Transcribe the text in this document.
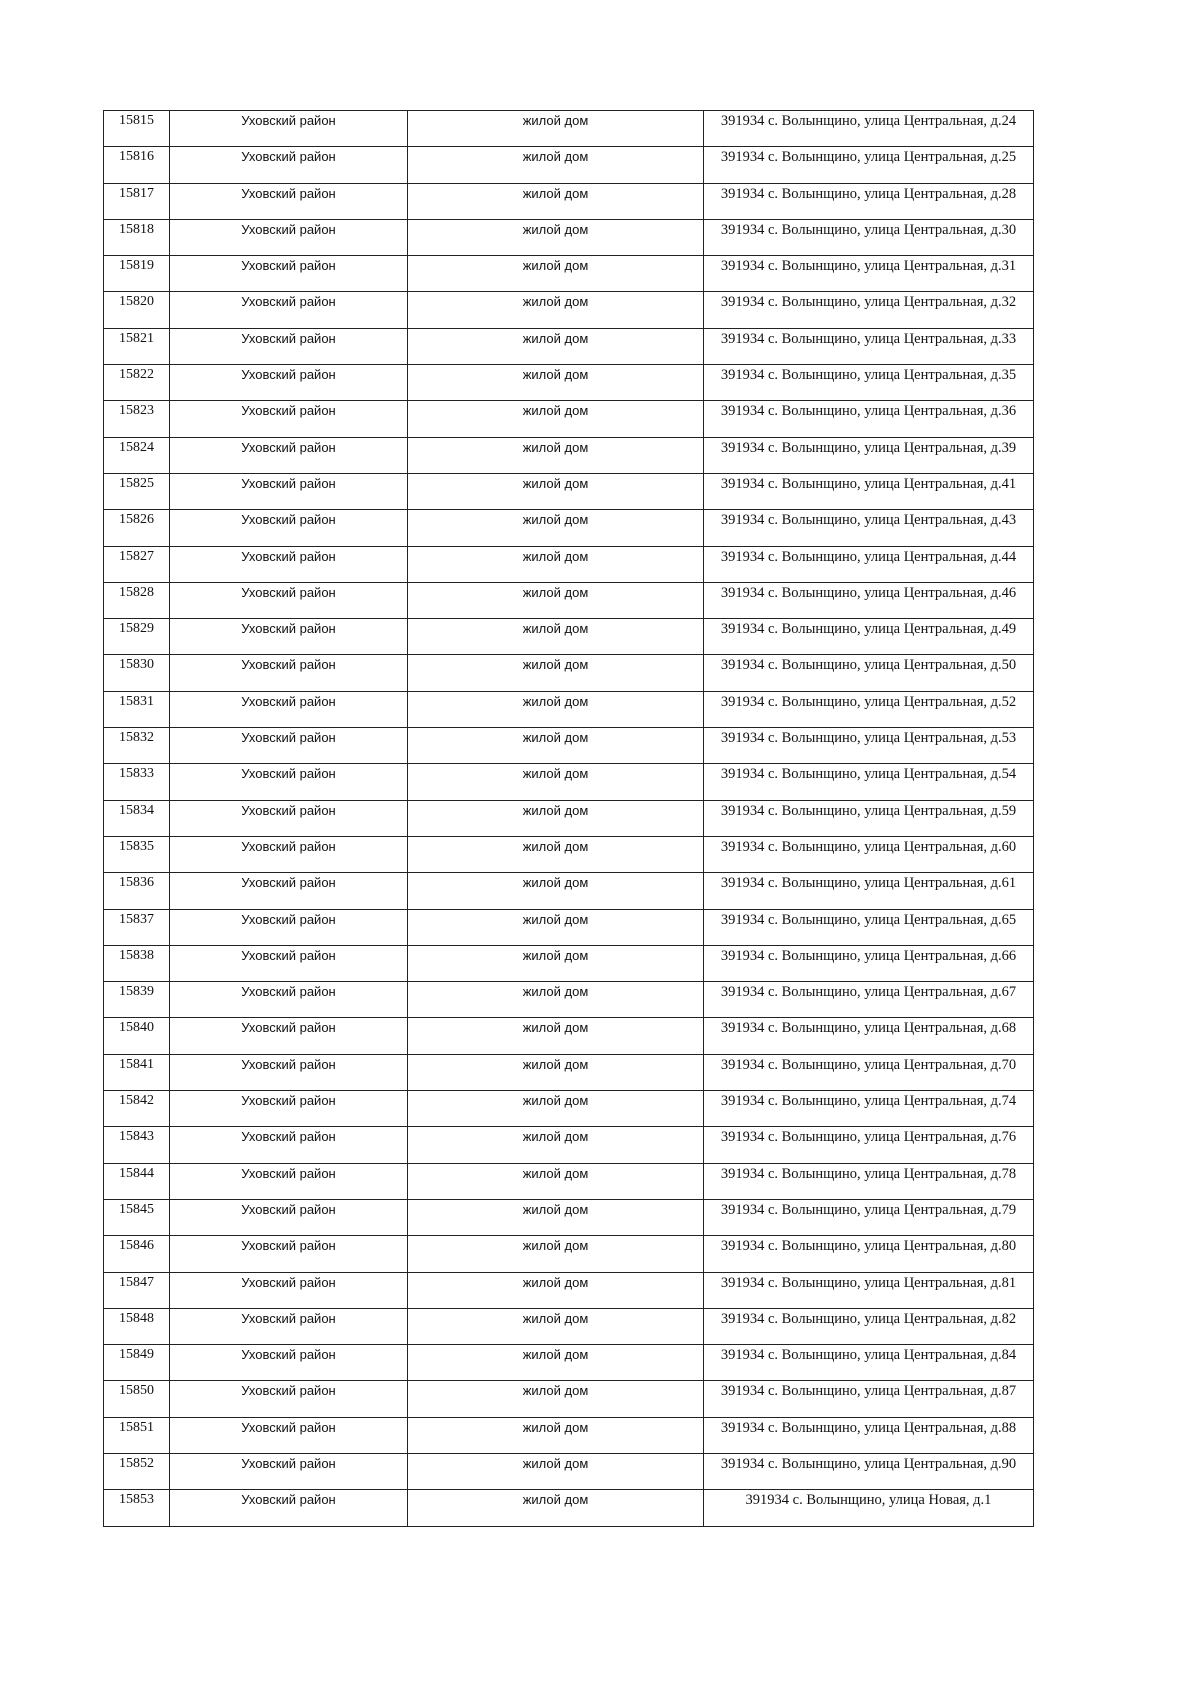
15815	Уховский район	жилой дом	391934 с. Волынщино, улица Центральная, д.24

15816	Уховский район	жилой дом	391934 с. Волынщино, улица Центральная, д.25

15817	Уховский район	жилой дом	391934 с. Волынщино, улица Центральная, д.28

15818	Уховский район	жилой дом	391934 с. Волынщино, улица Центральная, д.30

15819	Уховский район	жилой дом	391934 с. Волынщино, улица Центральная, д.31

15820	Уховский район	жилой дом	391934 с. Волынщино, улица Центральная, д.32

15821	Уховский район	жилой дом	391934 с. Волынщино, улица Центральная, д.33

15822	Уховский район	жилой дом	391934 с. Волынщино, улица Центральная, д.35

15823	Уховский район	жилой дом	391934 с. Волынщино, улица Центральная, д.36

15824	Уховский район	жилой дом	391934 с. Волынщино, улица Центральная, д.39

15825	Уховский район	жилой дом	391934 с. Волынщино, улица Центральная, д.41

15826	Уховский район	жилой дом	391934 с. Волынщино, улица Центральная, д.43

15827	Уховский район	жилой дом	391934 с. Волынщино, улица Центральная, д.44

15828	Уховский район	жилой дом	391934 с. Волынщино, улица Центральная, д.46

15829	Уховский район	жилой дом	391934 с. Волынщино, улица Центральная, д.49

15830	Уховский район	жилой дом	391934 с. Волынщино, улица Центральная, д.50

15831	Уховский район	жилой дом	391934 с. Волынщино, улица Центральная, д.52

15832	Уховский район	жилой дом	391934 с. Волынщино, улица Центральная, д.53

15833	Уховский район	жилой дом	391934 с. Волынщино, улица Центральная, д.54

15834	Уховский район	жилой дом	391934 с. Волынщино, улица Центральная, д.59

15835	Уховский район	жилой дом	391934 с. Волынщино, улица Центральная, д.60

15836	Уховский район	жилой дом	391934 с. Волынщино, улица Центральная, д.61

15837	Уховский район	жилой дом	391934 с. Волынщино, улица Центральная, д.65

15838	Уховский район	жилой дом	391934 с. Волынщино, улица Центральная, д.66

15839	Уховский район	жилой дом	391934 с. Волынщино, улица Центральная, д.67

15840	Уховский район	жилой дом	391934 с. Волынщино, улица Центральная, д.68

15841	Уховский район	жилой дом	391934 с. Волынщино, улица Центральная, д.70

15842	Уховский район	жилой дом	391934 с. Волынщино, улица Центральная, д.74

15843	Уховский район	жилой дом	391934 с. Волынщино, улица Центральная, д.76

15844	Уховский район	жилой дом	391934 с. Волынщино, улица Центральная, д.78

15845	Уховский район	жилой дом	391934 с. Волынщино, улица Центральная, д.79

15846	Уховский район	жилой дом	391934 с. Волынщино, улица Центральная, д.80

15847	Уховский район	жилой дом	391934 с. Волынщино, улица Центральная, д.81

15848	Уховский район	жилой дом	391934 с. Волынщино, улица Центральная, д.82

15849	Уховский район	жилой дом	391934 с. Волынщино, улица Центральная, д.84

15850	Уховский район	жилой дом	391934 с. Волынщино, улица Центральная, д.87

15851	Уховский район	жилой дом	391934 с. Волынщино, улица Центральная, д.88

15852	Уховский район	жилой дом	391934 с. Волынщино, улица Центральная, д.90

15853	Уховский район	жилой дом	391934 с. Волынщино, улица Новая, д.1
